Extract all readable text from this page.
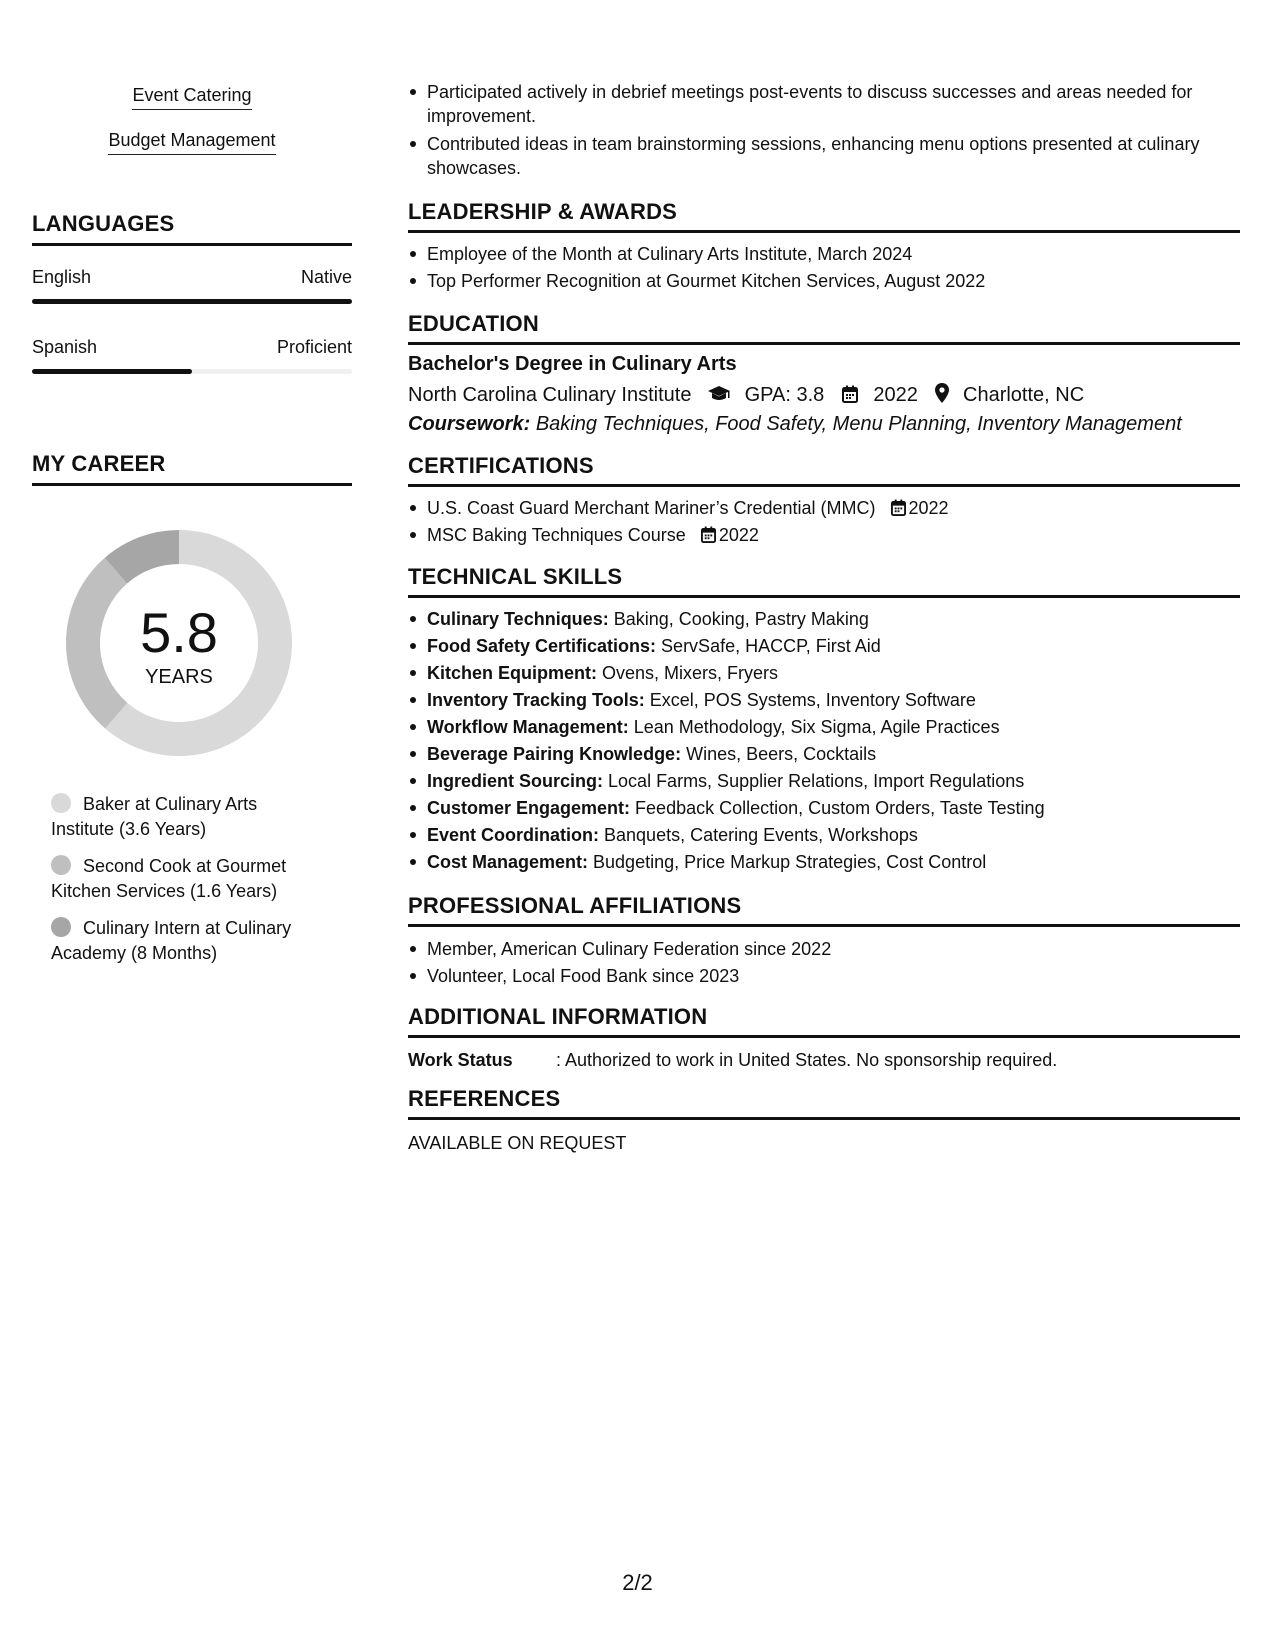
Event Catering
Budget Management
LANGUAGES
English	Native
Spanish	Proficient
MY CAREER
5.8
YEARS
Baker at Culinary Arts Institute (3.6 Years)
Second Cook at Gourmet Kitchen Services (1.6 Years)
Culinary Intern at Culinary Academy (8 Months)
Participated actively in debrief meetings post-events to discuss successes and areas needed for improvement.
Contributed ideas in team brainstorming sessions, enhancing menu options presented at culinary showcases.
LEADERSHIP & AWARDS
Employee of the Month at Culinary Arts Institute, March 2024
Top Performer Recognition at Gourmet Kitchen Services, August 2022
EDUCATION
Bachelor's Degree in Culinary Arts
North Carolina Culinary Institute	GPA: 3.8 2022 Charlotte, NC
Coursework: Baking Techniques, Food Safety, Menu Planning, Inventory Management
CERTIFICATIONS
U.S. Coast Guard Merchant Mariner’s Credential (MMC) 2022
MSC Baking Techniques Course 2022
TECHNICAL SKILLS
Culinary Techniques: Baking, Cooking, Pastry Making
Food Safety Certifications: ServSafe, HACCP, First Aid
Kitchen Equipment: Ovens, Mixers, Fryers
Inventory Tracking Tools: Excel, POS Systems, Inventory Software
Workflow Management: Lean Methodology, Six Sigma, Agile Practices
Beverage Pairing Knowledge: Wines, Beers, Cocktails
Ingredient Sourcing: Local Farms, Supplier Relations, Import Regulations
Customer Engagement: Feedback Collection, Custom Orders, Taste Testing
Event Coordination: Banquets, Catering Events, Workshops
Cost Management: Budgeting, Price Markup Strategies, Cost Control
PROFESSIONAL AFFILIATIONS
Member, American Culinary Federation since 2022
Volunteer, Local Food Bank since 2023
ADDITIONAL INFORMATION
Work Status : Authorized to work in United States. No sponsorship required.
REFERENCES
AVAILABLE ON REQUEST
2/2
